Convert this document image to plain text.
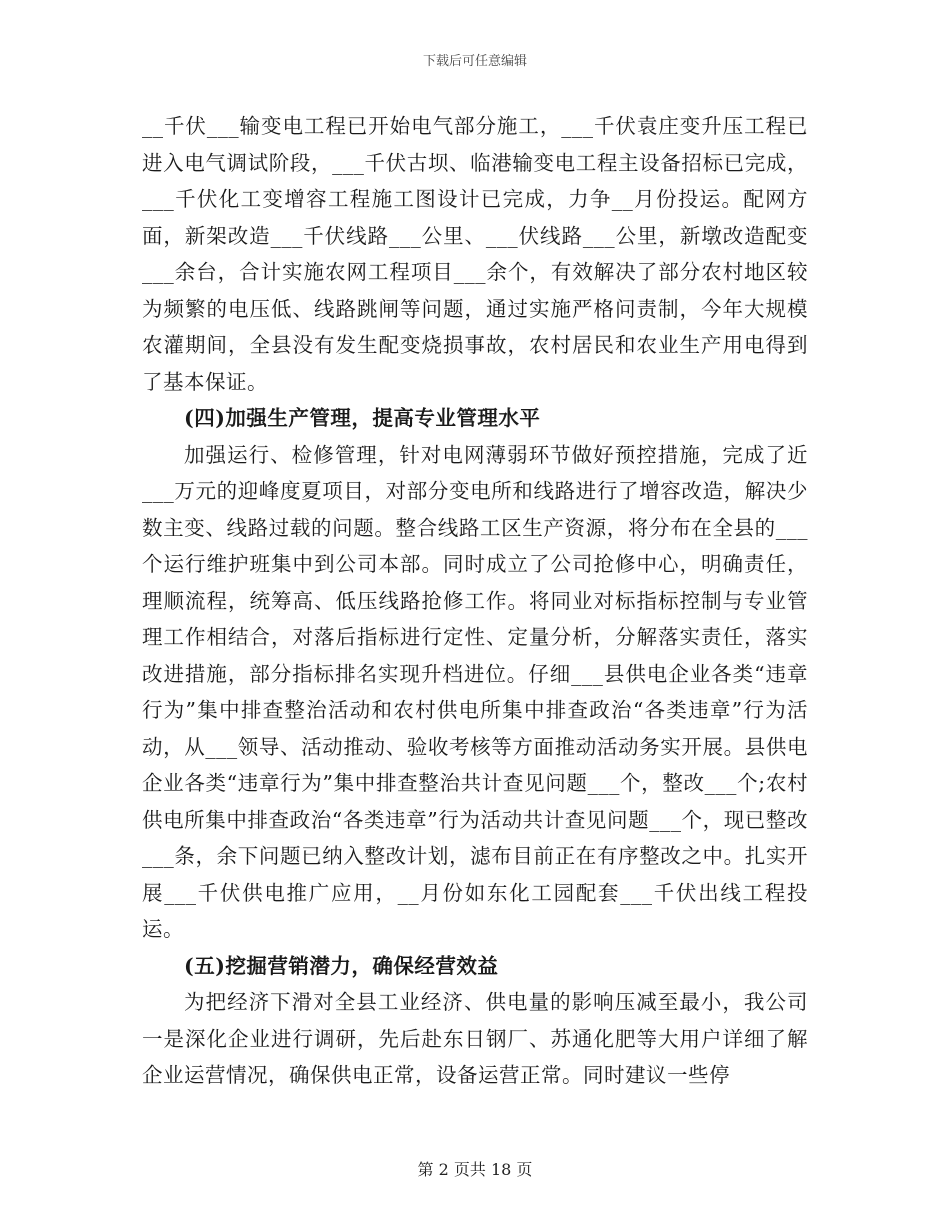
下载后可任意编辑

__千伏___输变电工程已开始电气部分施工，___千伏袁庄变升压工程已进入电气调试阶段，___千伏古坝、临港输变电工程主设备招标已完成，___千伏化工变增容工程施工图设计已完成，力争__月份投运。配网方面，新架改造___千伏线路___公里、___伏线路___公里，新墩改造配变___余台，合计实施农网工程项目___余个，有效解决了部分农村地区较为频繁的电压低、线路跳闸等问题，通过实施严格问责制，今年大规模农灌期间，全县没有发生配变烧损事故，农村居民和农业生产用电得到了基本保证。

(四)加强生产管理，提高专业管理水平

加强运行、检修管理，针对电网薄弱环节做好预控措施，完成了近___万元的迎峰度夏项目，对部分变电所和线路进行了增容改造，解决少数主变、线路过载的问题。整合线路工区生产资源，将分布在全县的___个运行维护班集中到公司本部。同时成立了公司抢修中心，明确责任，理顺流程，统筹高、低压线路抢修工作。将同业对标指标控制与专业管理工作相结合，对落后指标进行定性、定量分析，分解落实责任，落实改进措施，部分指标排名实现升档进位。仔细___县供电企业各类“违章行为”集中排查整治活动和农村供电所集中排查政治“各类违章”行为活动，从___领导、活动推动、验收考核等方面推动活动务实开展。县供电企业各类“违章行为”集中排查整治共计查见问题___个，整改___个;农村供电所集中排查政治“各类违章”行为活动共计查见问题___个，现已整改___条，余下问题已纳入整改计划，滤布目前正在有序整改之中。扎实开展___千伏供电推广应用，__月份如东化工园配套___千伏出线工程投运。

(五)挖掘营销潜力，确保经营效益

为把经济下滑对全县工业经济、供电量的影响压减至最小，我公司一是深化企业进行调研，先后赴东日钢厂、苏通化肥等大用户详细了解企业运营情况，确保供电正常，设备运营正常。同时建议一些停

第 2 页共 18 页
